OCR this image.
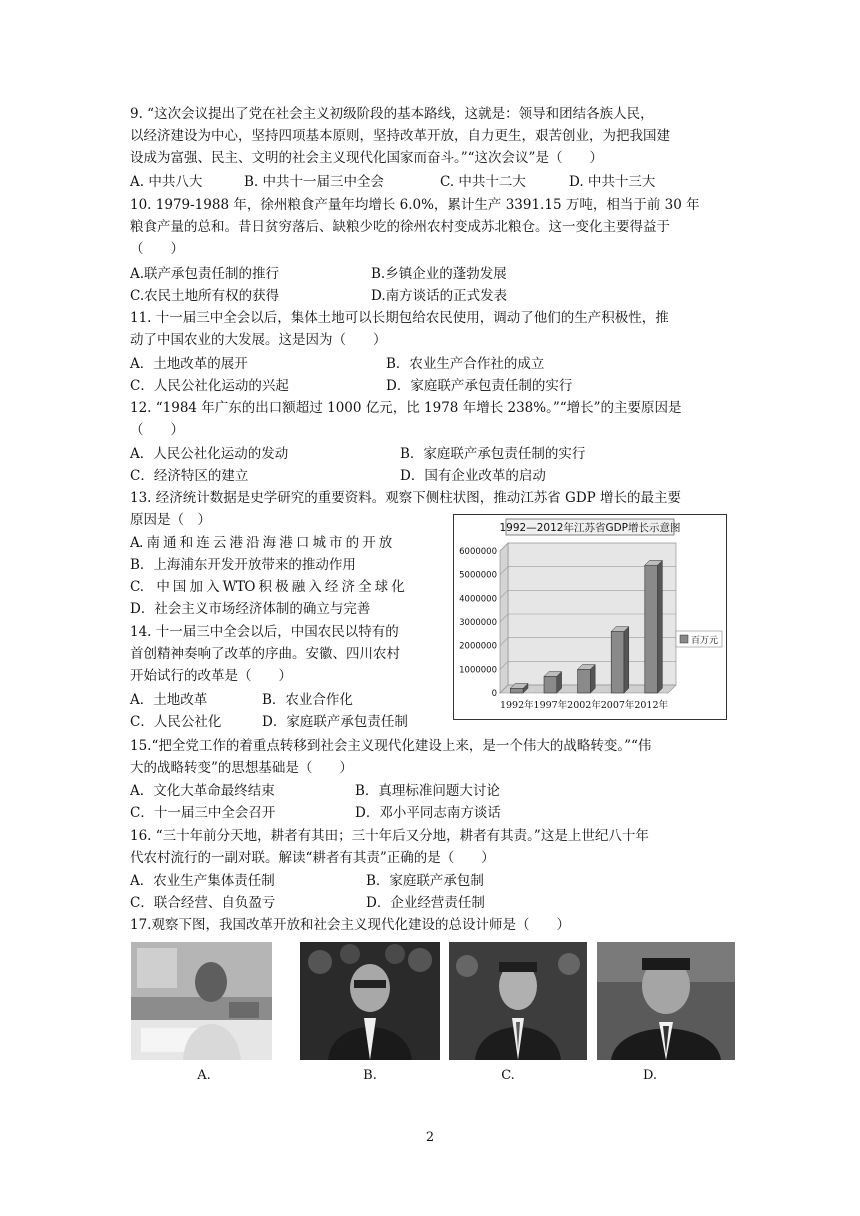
9. “这次会议提出了党在社会主义初级阶段的基本路线，这就是：领导和团结各族人民，
以经济建设为中心，坚持四项基本原则，坚持改革开放，自力更生，艰苦创业，为把我国建
设成为富强、民主、文明的社会主义现代化国家而奋斗。”“这次会议”是（　　）
A. 中共八大	B. 中共十一届三中全会	C. 中共十二大	D. 中共十三大
10. 1979-1988 年，徐州粮食产量年均增长 6.0%，累计生产 3391.15 万吨，相当于前 30 年
粮食产量的总和。昔日贫穷落后、缺粮少吃的徐州农村变成苏北粮仓。这一变化主要得益于
（　　）
A.联产承包责任制的推行	B.乡镇企业的蓬勃发展
C.农民土地所有权的获得	D.南方谈话的正式发表
11. 十一届三中全会以后，集体土地可以长期包给农民使用，调动了他们的生产积极性，推
动了中国农业的大发展。这是因为（　　）
A．土地改革的展开	B．农业生产合作社的成立
C．人民公社化运动的兴起	D．家庭联产承包责任制的实行
12. “1984 年广东的出口额超过 1000 亿元，比 1978 年增长 238%。”“增长”的主要原因是
（　　）
A．人民公社化运动的发动	B．家庭联产承包责任制的实行
C．经济特区的建立	D．国有企业改革的启动
13. 经济统计数据是史学研究的重要资料。观察下侧柱状图，推动江苏省 GDP 增长的最主要
原因是（　）
A. 南 通 和 连 云 港 沿 海 港 口 城 市 的 开 放
B．上海浦东开发开放带来的推动作用
C． 中 国 加 入 WTO 积 极 融 入 经 济 全 球 化
D．社会主义市场经济体制的确立与完善
14. 十一届三中全会以后，中国农民以特有的
首创精神奏响了改革的序曲。安徽、四川农村
开始试行的改革是（　　）
A．土地改革	B．农业合作化
C．人民公社化	D．家庭联产承包责任制
1992—2012年江苏省GDP增长示意图
0
1000000
2000000
3000000
4000000
5000000
6000000
1992年 1997年 2002年 2007年 2012年
百万元
15.“把全党工作的着重点转移到社会主义现代化建设上来，是一个伟大的战略转变。”“伟
大的战略转变”的思想基础是（　　）
A．文化大革命最终结束	B．真理标准问题大讨论
C．十一届三中全会召开	D．邓小平同志南方谈话
16. “三十年前分天地，耕者有其田；三十年后又分地，耕者有其责。”这是上世纪八十年
代农村流行的一副对联。解读“耕者有其责”正确的是（　　）
A．农业生产集体责任制	B．家庭联产承包制
C．联合经营、自负盈亏	D．企业经营责任制
17.观察下图，我国改革开放和社会主义现代化建设的总设计师是（　　）
A.	B.	C.	D.
2
